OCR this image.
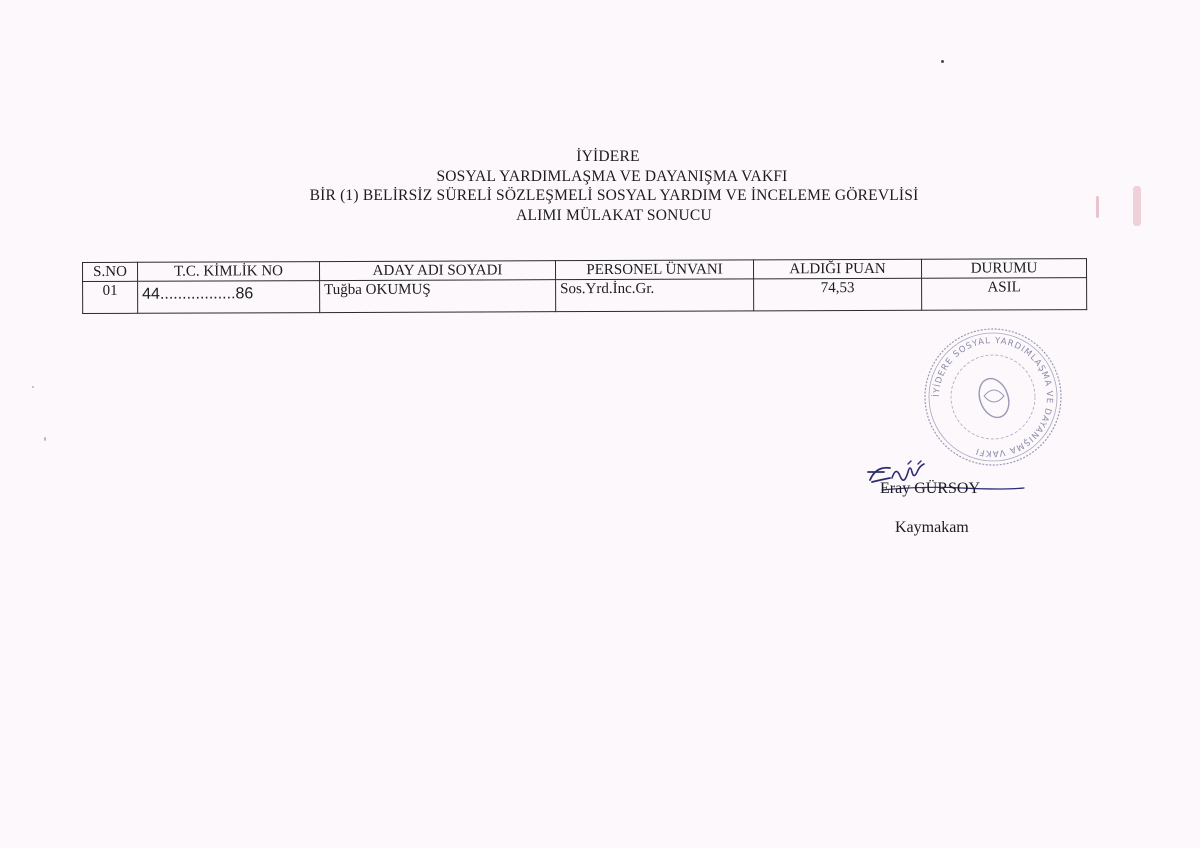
İYİDERE
SOSYAL YARDIMLAŞMA VE DAYANIŞMA VAKFI
BİR (1) BELİRSİZ SÜRELİ SÖZLEŞMELİ SOSYAL YARDIM VE İNCELEME GÖREVLİSİ
ALIMI MÜLAKAT SONUCU
S.NO	T.C. KİMLİK NO	ADAY ADI SOYADI	PERSONEL ÜNVANI	ALDIĞI PUAN	DURUMU
01	44.................86	Tuğba OKUMUŞ	Sos.Yrd.İnc.Gr.	74,53	ASIL
İYİDERE SOSYAL YARDIMLAŞMA VE DAYANIŞMA VAKFI
Eray GÜRSOY
Kaymakam
